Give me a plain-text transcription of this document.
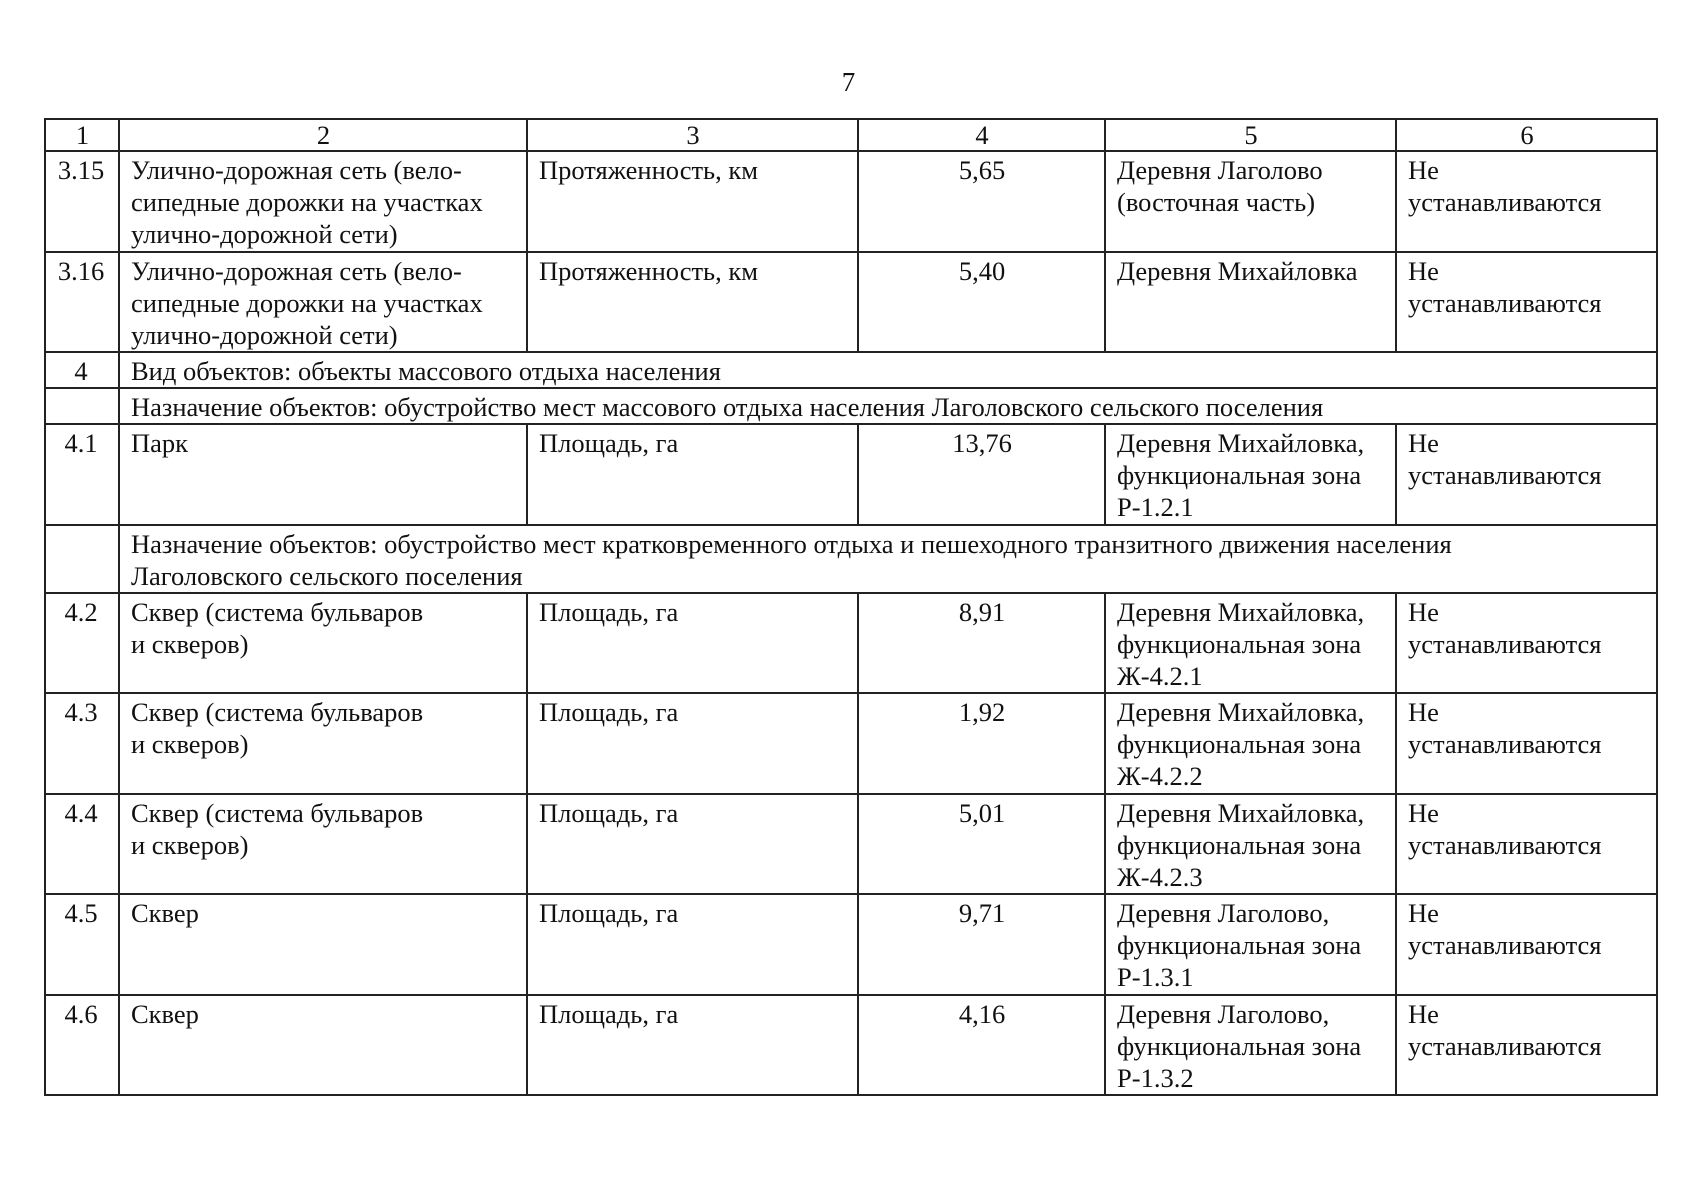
7
1	2	3	4	5	6
3.15	Улично-дорожная сеть (вело-
сипедные дорожки на участках
улично-дорожной сети)	Протяженность, км	5,65	Деревня Лаголово
(восточная часть)	Не
устанавливаются
3.16	Улично-дорожная сеть (вело-
сипедные дорожки на участках
улично-дорожной сети)	Протяженность, км	5,40	Деревня Михайловка	Не
устанавливаются
4	Вид объектов: объекты массового отдыха населения				
	Назначение объектов: обустройство мест массового отдыха населения Лаголовского сельского поселения				
4.1	Парк	Площадь, га	13,76	Деревня Михайловка,
функциональная зона
Р-1.2.1	Не
устанавливаются
	Назначение объектов: обустройство мест кратковременного отдыха и пешеходного транзитного движения населения
Лаголовского сельского поселения				
4.2	Сквер (система бульваров
и скверов)	Площадь, га	8,91	Деревня Михайловка,
функциональная зона
Ж-4.2.1	Не
устанавливаются
4.3	Сквер (система бульваров
и скверов)	Площадь, га	1,92	Деревня Михайловка,
функциональная зона
Ж-4.2.2	Не
устанавливаются
4.4	Сквер (система бульваров
и скверов)	Площадь, га	5,01	Деревня Михайловка,
функциональная зона
Ж-4.2.3	Не
устанавливаются
4.5	Сквер	Площадь, га	9,71	Деревня Лаголово,
функциональная зона
Р-1.3.1	Не
устанавливаются
4.6	Сквер	Площадь, га	4,16	Деревня Лаголово,
функциональная зона
Р-1.3.2	Не
устанавливаются
